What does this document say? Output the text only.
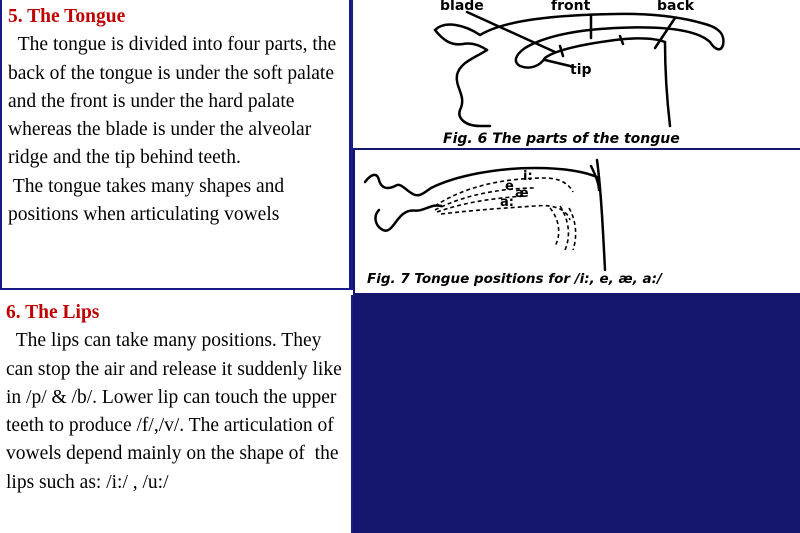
5. The Tongue
The tongue is divided into four parts, the back of the tongue is under the soft palate and the front is under the hard palate whereas the blade is under the alveolar ridge and the tip behind teeth.
The tongue takes many shapes and positions when articulating vowels
6. The Lips
The lips can take many positions. They can stop the air and release it suddenly like in /p/ & /b/. Lower lip can touch the upper teeth to produce /f/,/v/. The articulation of vowels depend mainly on the shape of  the lips such as: /i:/ , /u:/
blade	front	back
tip
Fig. 6 The parts of the tongue
i:
e æ
a:
Fig. 7 Tongue positions for /i:, e, æ, a:/
